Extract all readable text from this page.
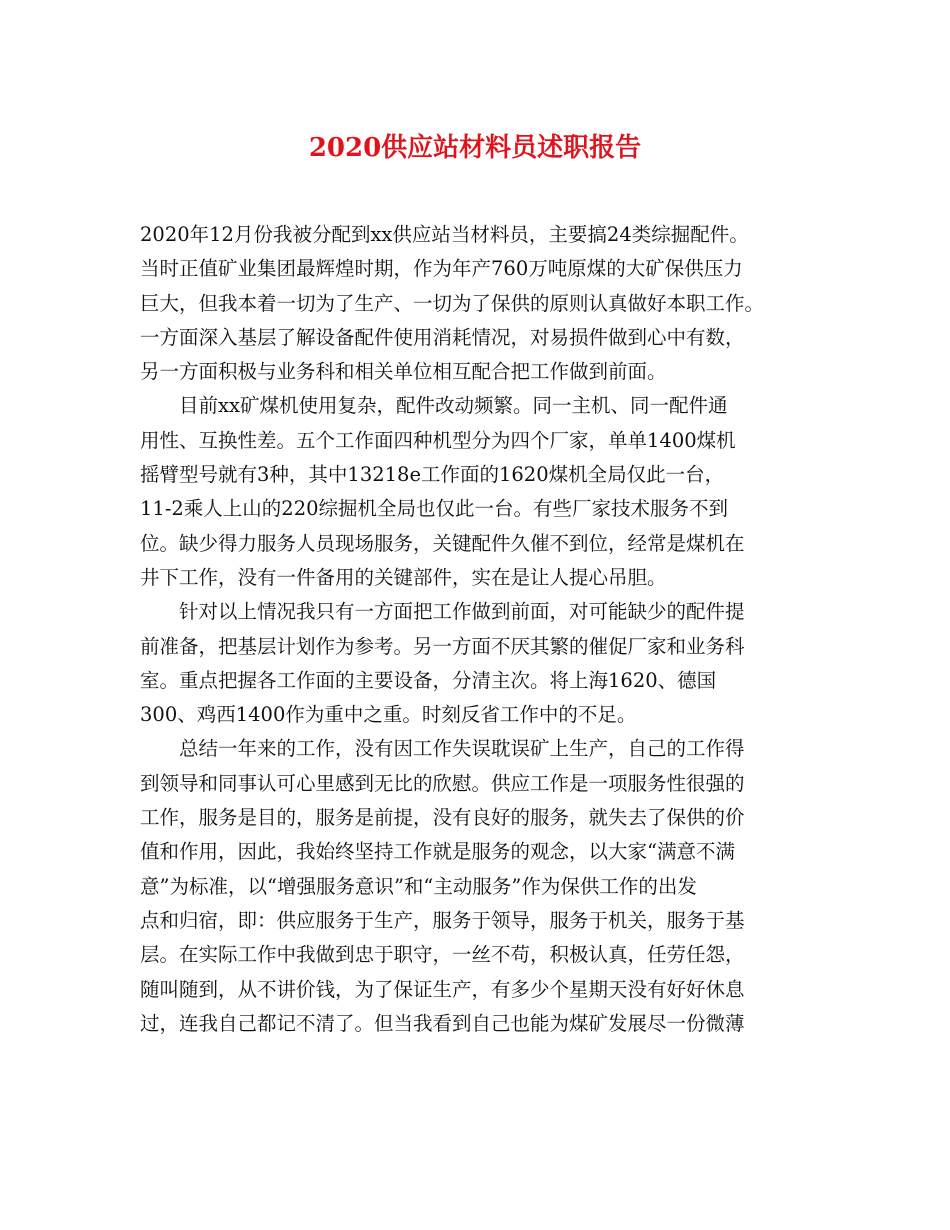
2020供应站材料员述职报告
2020年12月份我被分配到xx供应站当材料员，主要搞24类综掘配件。
当时正值矿业集团最辉煌时期，作为年产760万吨原煤的大矿保供压力
巨大，但我本着一切为了生产、一切为了保供的原则认真做好本职工作。
一方面深入基层了解设备配件使用消耗情况，对易损件做到心中有数，
另一方面积极与业务科和相关单位相互配合把工作做到前面。
目前xx矿煤机使用复杂，配件改动频繁。同一主机、同一配件通
用性、互换性差。五个工作面四种机型分为四个厂家，单单1400煤机
摇臂型号就有3种，其中13218e工作面的1620煤机全局仅此一台，
11-2乘人上山的220综掘机全局也仅此一台。有些厂家技术服务不到
位。缺少得力服务人员现场服务，关键配件久催不到位，经常是煤机在
井下工作，没有一件备用的关键部件，实在是让人提心吊胆。
针对以上情况我只有一方面把工作做到前面，对可能缺少的配件提
前准备，把基层计划作为参考。另一方面不厌其繁的催促厂家和业务科
室。重点把握各工作面的主要设备，分清主次。将上海1620、德国
300、鸡西1400作为重中之重。时刻反省工作中的不足。
总结一年来的工作，没有因工作失误耽误矿上生产，自己的工作得
到领导和同事认可心里感到无比的欣慰。供应工作是一项服务性很强的
工作，服务是目的，服务是前提，没有良好的服务，就失去了保供的价
值和作用，因此，我始终坚持工作就是服务的观念，以大家“满意不满
意”为标准，以“增强服务意识”和“主动服务”作为保供工作的出发
点和归宿，即：供应服务于生产，服务于领导，服务于机关，服务于基
层。在实际工作中我做到忠于职守，一丝不苟，积极认真，任劳任怨，
随叫随到，从不讲价钱，为了保证生产，有多少个星期天没有好好休息
过，连我自己都记不清了。但当我看到自己也能为煤矿发展尽一份微薄
